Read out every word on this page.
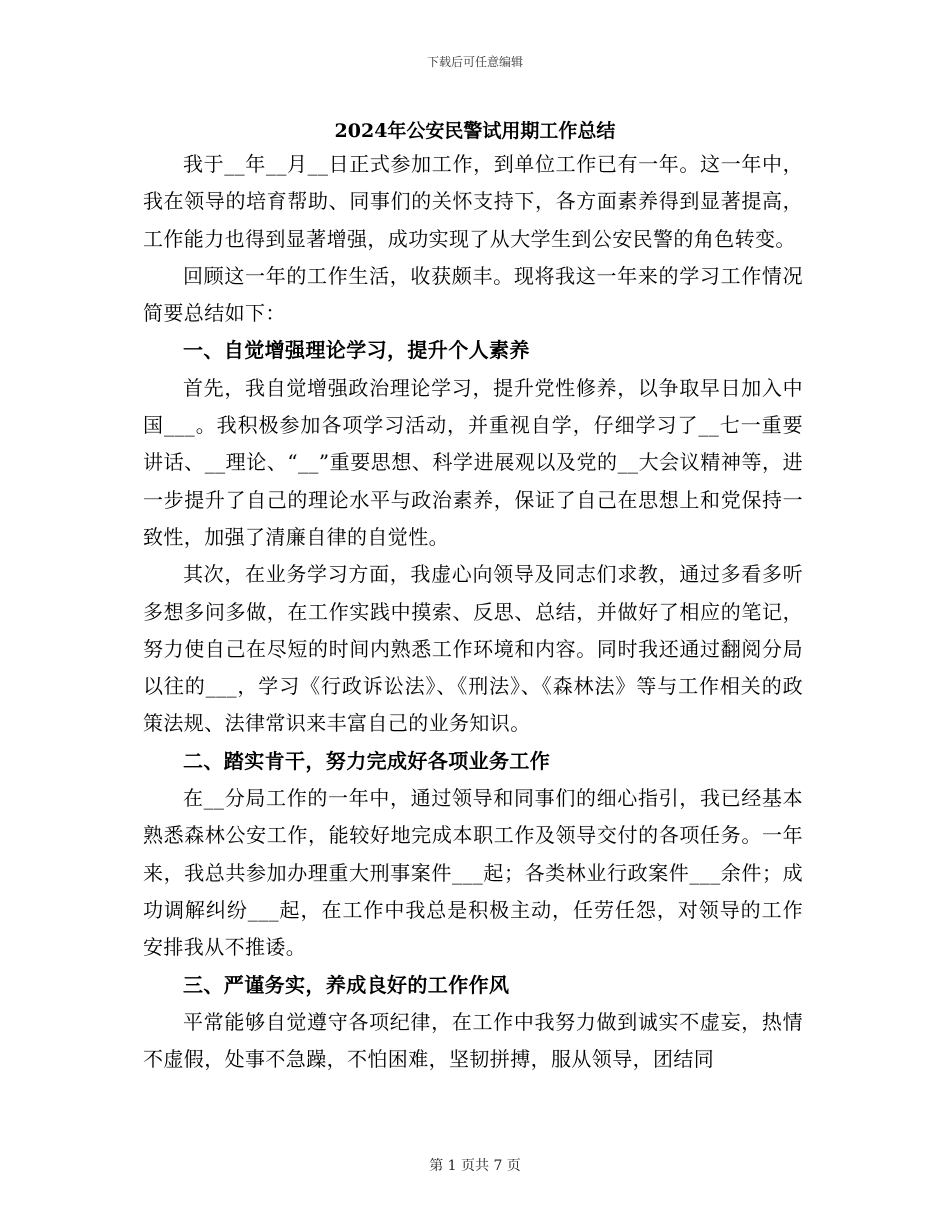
下载后可任意编辑
2024年公安民警试用期工作总结

我于__年__月__日正式参加工作，到单位工作已有一年。这一年中，我在领导的培育帮助、同事们的关怀支持下，各方面素养得到显著提高，工作能力也得到显著增强，成功实现了从大学生到公安民警的角色转变。

回顾这一年的工作生活，收获颇丰。现将我这一年来的学习工作情况简要总结如下：

一、自觉增强理论学习，提升个人素养

首先，我自觉增强政治理论学习，提升党性修养，以争取早日加入中国___。我积极参加各项学习活动，并重视自学，仔细学习了__七一重要讲话、__理论、“__”重要思想、科学进展观以及党的__大会议精神等，进一步提升了自己的理论水平与政治素养，保证了自己在思想上和党保持一致性，加强了清廉自律的自觉性。

其次，在业务学习方面，我虚心向领导及同志们求教，通过多看多听多想多问多做，在工作实践中摸索、反思、总结，并做好了相应的笔记，努力使自己在尽短的时间内熟悉工作环境和内容。同时我还通过翻阅分局以往的___，学习《行政诉讼法》、《刑法》、《森林法》等与工作相关的政策法规、法律常识来丰富自己的业务知识。

二、踏实肯干，努力完成好各项业务工作

在__分局工作的一年中，通过领导和同事们的细心指引，我已经基本熟悉森林公安工作，能较好地完成本职工作及领导交付的各项任务。一年来，我总共参加办理重大刑事案件___起；各类林业行政案件___余件；成功调解纠纷___起，在工作中我总是积极主动，任劳任怨，对领导的工作安排我从不推诿。

三、严谨务实，养成良好的工作作风

平常能够自觉遵守各项纪律，在工作中我努力做到诚实不虚妄，热情不虚假，处事不急躁，不怕困难，坚韧拼搏，服从领导，团结同

第 1 页共 7 页
